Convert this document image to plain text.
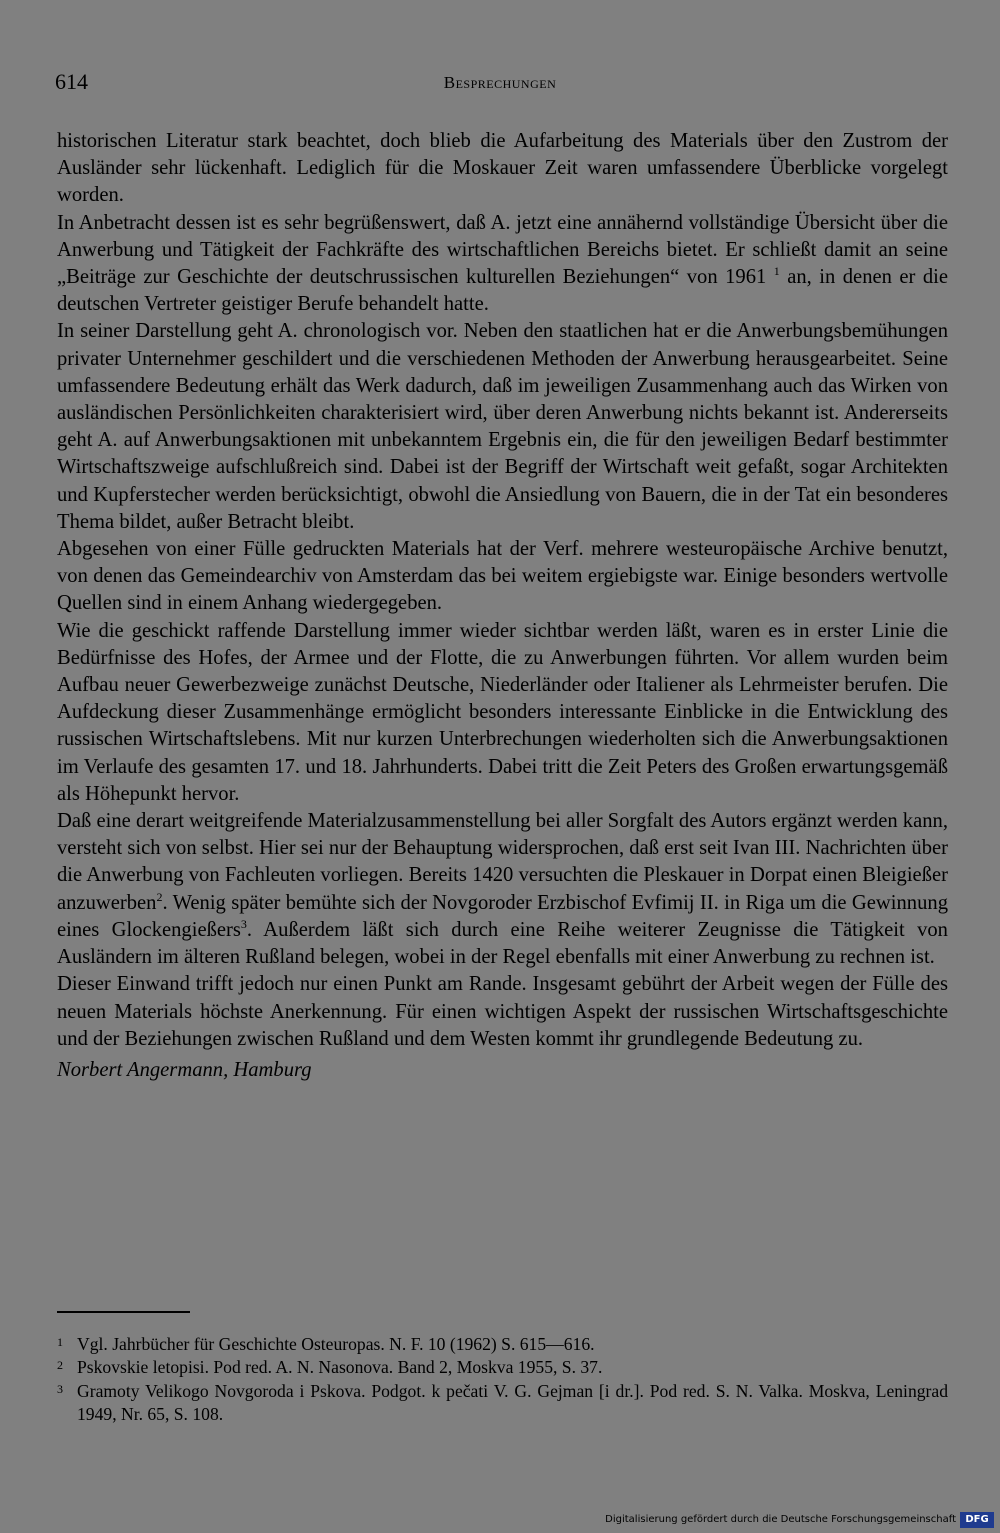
614	Besprechungen

historischen Literatur stark beachtet, doch blieb die Aufarbeitung des Materials über den Zustrom der Ausländer sehr lückenhaft. Lediglich für die Moskauer Zeit waren umfassendere Überblicke vorgelegt worden.

In Anbetracht dessen ist es sehr begrüßenswert, daß A. jetzt eine annähernd vollständige Übersicht über die Anwerbung und Tätigkeit der Fachkräfte des wirtschaftlichen Bereichs bietet. Er schließt damit an seine „Beiträge zur Geschichte der deutschrussischen kulturellen Beziehungen“ von 1961 $^1$ an, in denen er die deutschen Vertreter geistiger Berufe behandelt hatte.

In seiner Darstellung geht A. chronologisch vor. Neben den staatlichen hat er die Anwerbungsbemühungen privater Unternehmer geschildert und die verschiedenen Methoden der Anwerbung herausgearbeitet. Seine umfassendere Bedeutung erhält das Werk dadurch, daß im jeweiligen Zusammenhang auch das Wirken von ausländischen Persönlichkeiten charakterisiert wird, über deren Anwerbung nichts bekannt ist. Andererseits geht A. auf Anwerbungsaktionen mit unbekanntem Ergebnis ein, die für den jeweiligen Bedarf bestimmter Wirtschaftszweige aufschlußreich sind. Dabei ist der Begriff der Wirtschaft weit gefaßt, sogar Architekten und Kupferstecher werden berücksichtigt, obwohl die Ansiedlung von Bauern, die in der Tat ein besonderes Thema bildet, außer Betracht bleibt.

Abgesehen von einer Fülle gedruckten Materials hat der Verf. mehrere westeuropäische Archive benutzt, von denen das Gemeindearchiv von Amsterdam das bei weitem ergiebigste war. Einige besonders wertvolle Quellen sind in einem Anhang wiedergegeben.

Wie die geschickt raffende Darstellung immer wieder sichtbar werden läßt, waren es in erster Linie die Bedürfnisse des Hofes, der Armee und der Flotte, die zu Anwerbungen führten. Vor allem wurden beim Aufbau neuer Gewerbezweige zunächst Deutsche, Niederländer oder Italiener als Lehrmeister berufen. Die Aufdeckung dieser Zusammenhänge ermöglicht besonders interessante Einblicke in die Entwicklung des russischen Wirtschaftslebens. Mit nur kurzen Unterbrechungen wiederholten sich die Anwerbungsaktionen im Verlaufe des gesamten 17. und 18. Jahrhunderts. Dabei tritt die Zeit Peters des Großen erwartungsgemäß als Höhepunkt hervor.

Daß eine derart weitgreifende Materialzusammenstellung bei aller Sorgfalt des Autors ergänzt werden kann, versteht sich von selbst. Hier sei nur der Behauptung widersprochen, daß erst seit Ivan III. Nachrichten über die Anwerbung von Fachleuten vorliegen. Bereits 1420 versuchten die Pleskauer in Dorpat einen Bleigießer anzuwerben$^2$. Wenig später bemühte sich der Novgoroder Erzbischof Evfimij II. in Riga um die Gewinnung eines Glockengießers$^3$. Außerdem läßt sich durch eine Reihe weiterer Zeugnisse die Tätigkeit von Ausländern im älteren Rußland belegen, wobei in der Regel ebenfalls mit einer Anwerbung zu rechnen ist.

Dieser Einwand trifft jedoch nur einen Punkt am Rande. Insgesamt gebührt der Arbeit wegen der Fülle des neuen Materials höchste Anerkennung. Für einen wichtigen Aspekt der russischen Wirtschaftsgeschichte und der Beziehungen zwischen Rußland und dem Westen kommt ihr grundlegende Bedeutung zu.

Norbert Angermann, Hamburg

1 Vgl. Jahrbücher für Geschichte Osteuropas. N. F. 10 (1962) S. 615—616.
2 Pskovskie letopisi. Pod red. A. N. Nasonova. Band 2, Moskva 1955, S. 37.
3 Gramoty Velikogo Novgoroda i Pskova. Podgot. k pečati V. G. Gejman [i dr.]. Pod red. S. N. Valka. Moskva, Leningrad 1949, Nr. 65, S. 108.
Digitalisierung gefördert durch die Deutsche Forschungsgemeinschaft DFG
